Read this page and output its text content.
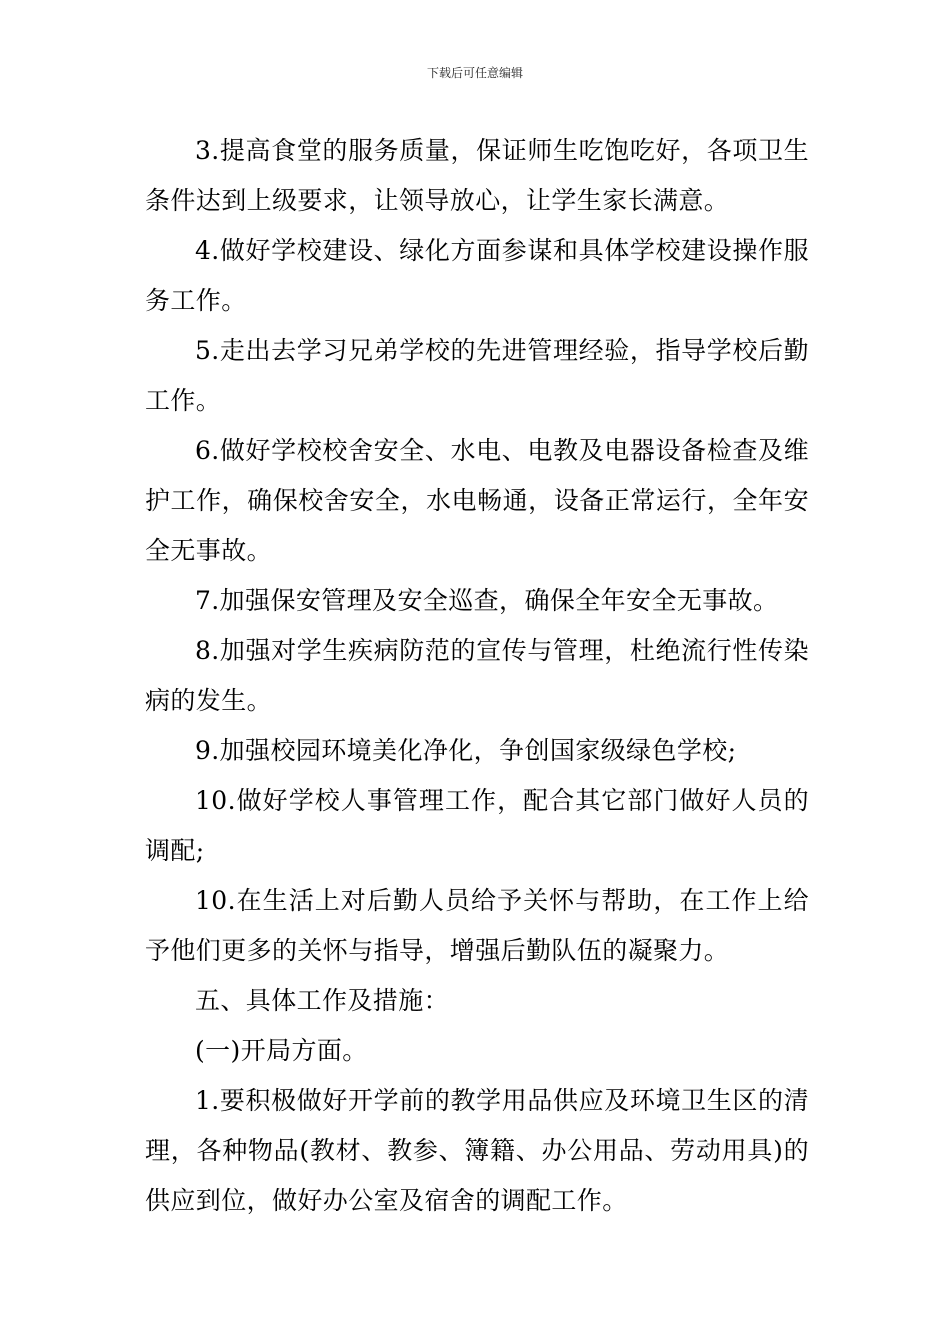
下载后可任意编辑

3.提高食堂的服务质量，保证师生吃饱吃好，各项卫生条件达到上级要求，让领导放心，让学生家长满意。

4.做好学校建设、绿化方面参谋和具体学校建设操作服务工作。

5.走出去学习兄弟学校的先进管理经验，指导学校后勤工作。

6.做好学校校舍安全、水电、电教及电器设备检查及维护工作，确保校舍安全，水电畅通，设备正常运行，全年安全无事故。

7.加强保安管理及安全巡查，确保全年安全无事故。

8.加强对学生疾病防范的宣传与管理，杜绝流行性传染病的发生。

9.加强校园环境美化净化，争创国家级绿色学校;

10.做好学校人事管理工作，配合其它部门做好人员的调配;

10.在生活上对后勤人员给予关怀与帮助，在工作上给予他们更多的关怀与指导，增强后勤队伍的凝聚力。

五、具体工作及措施：

(一)开局方面。

1.要积极做好开学前的教学用品供应及环境卫生区的清理，各种物品(教材、教参、簿籍、办公用品、劳动用具)的供应到位，做好办公室及宿舍的调配工作。
